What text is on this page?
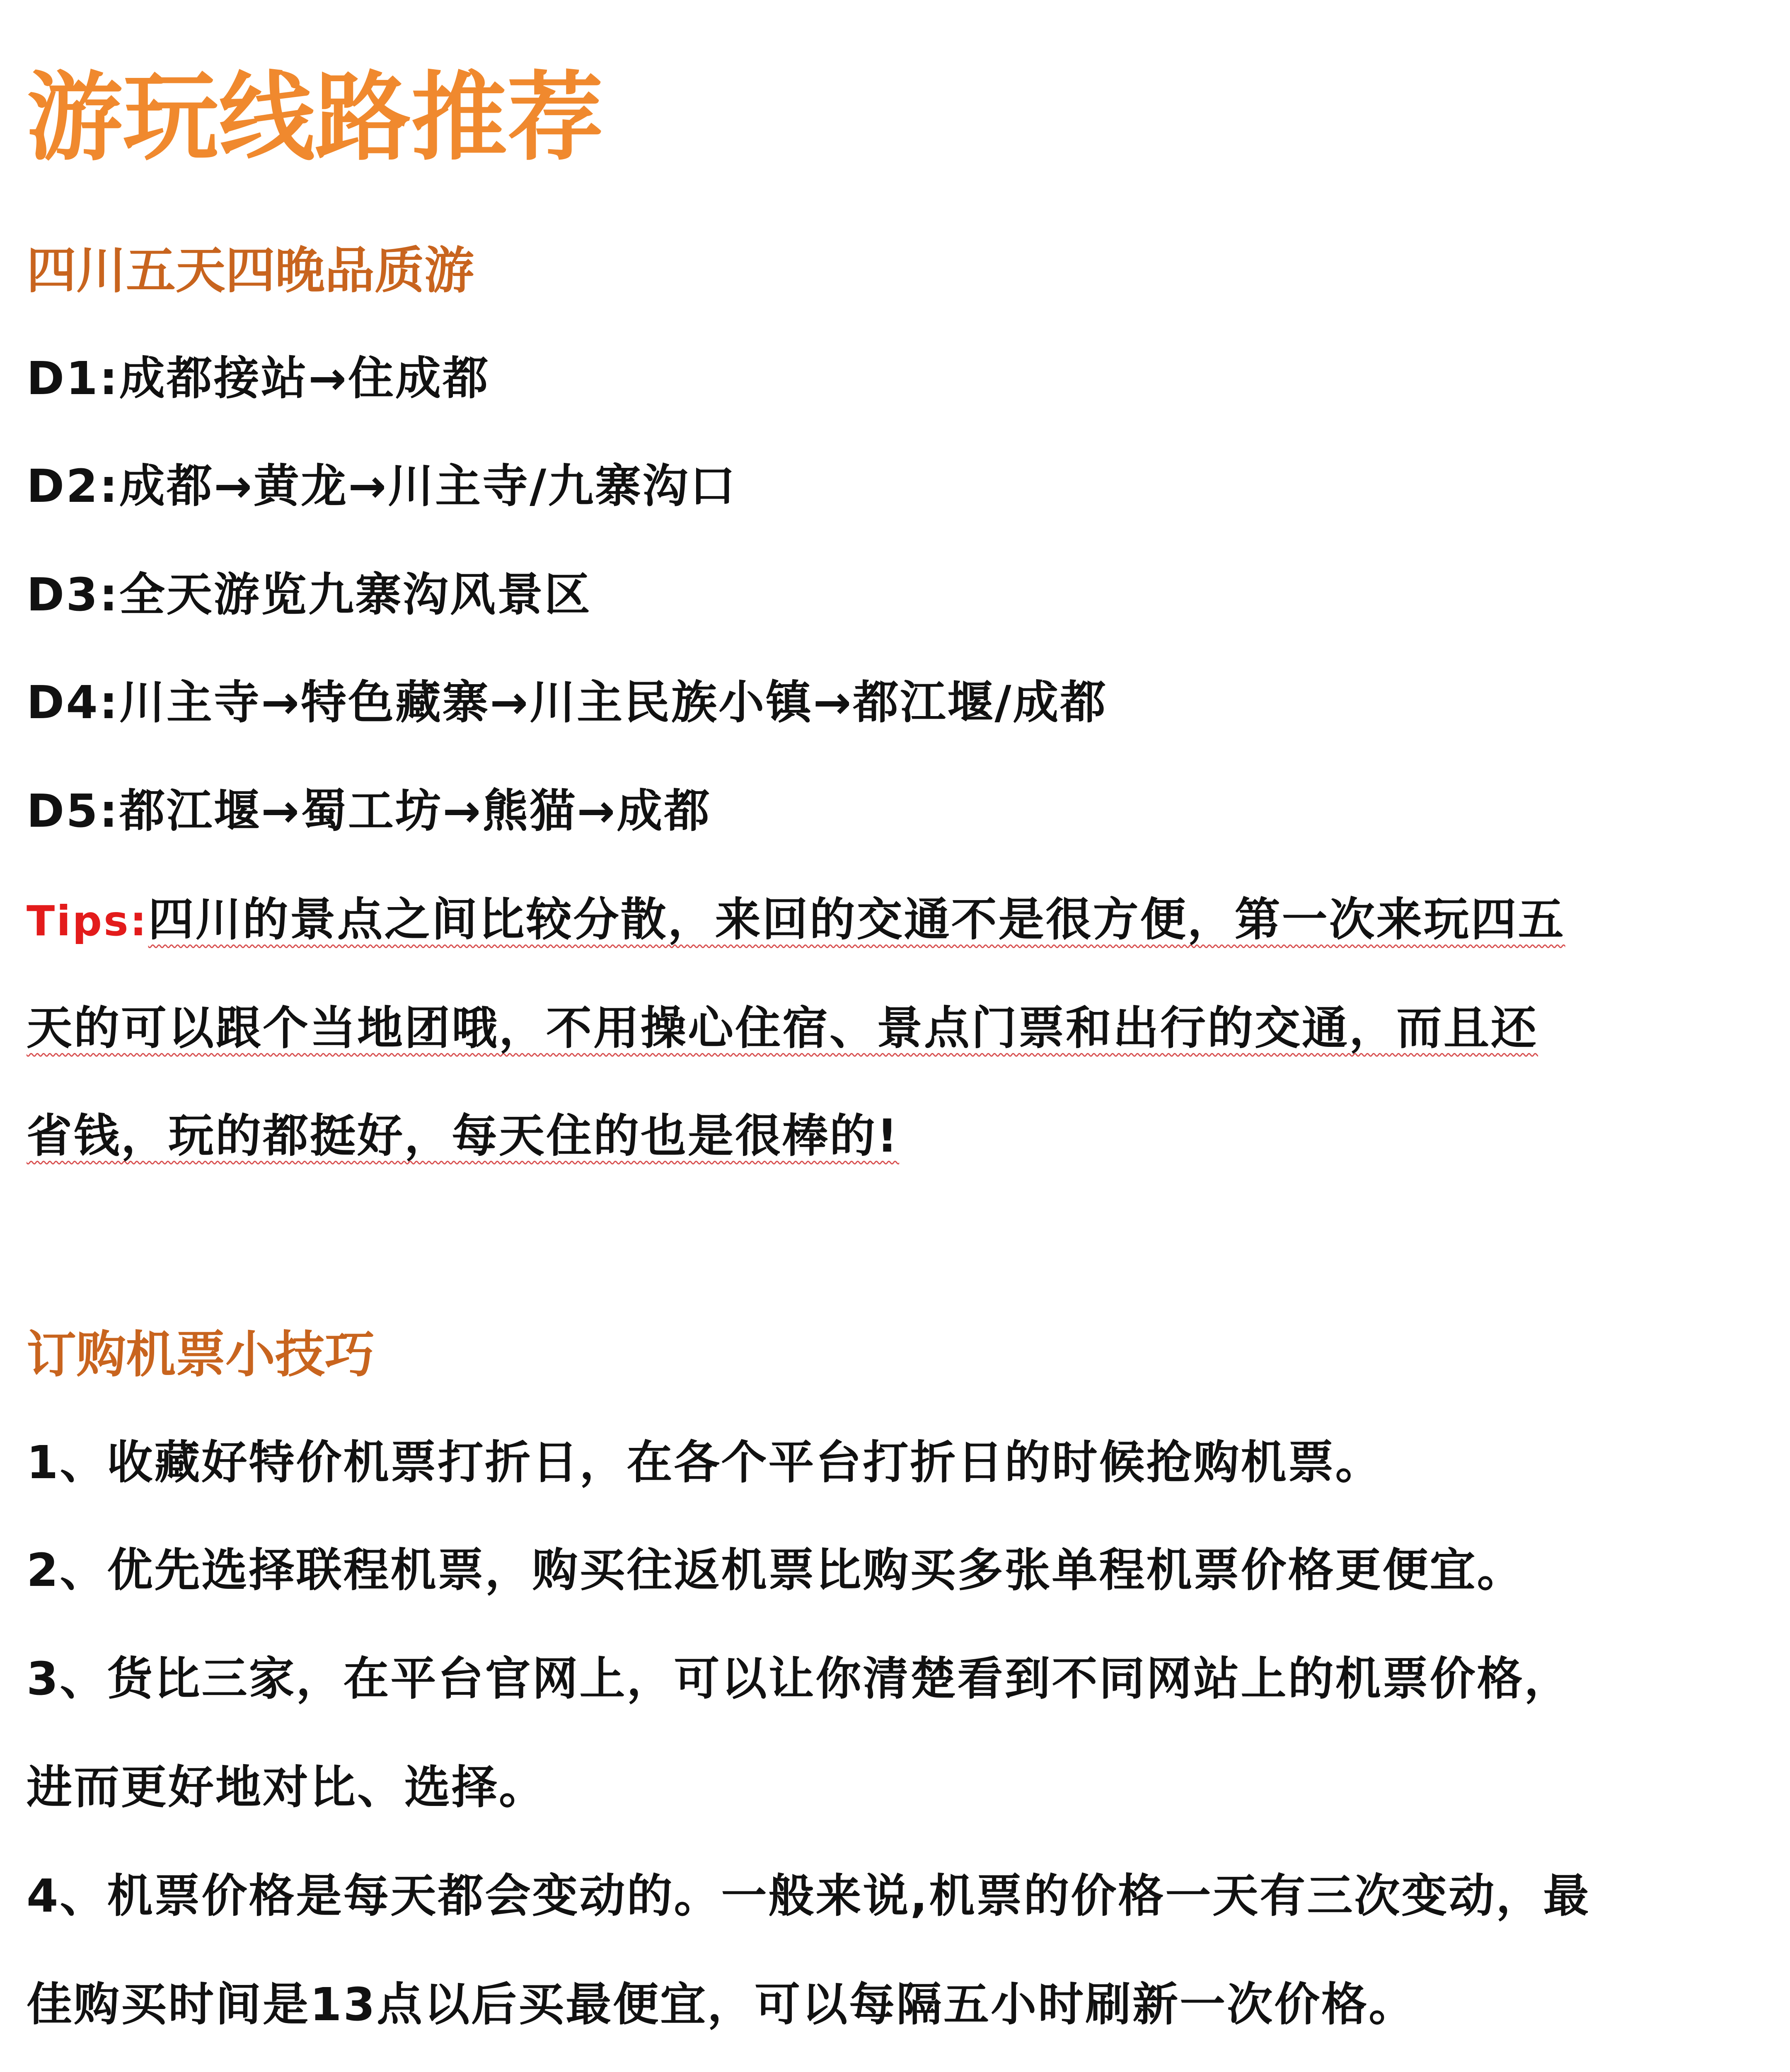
游玩线路推荐
四川五天四晚品质游
D1:成都接站→住成都
D2:成都→黄龙→川主寺/九寨沟口
D3:全天游览九寨沟风景区
D4:川主寺→特色藏寨→川主民族小镇→都江堰/成都
D5:都江堰→蜀工坊→熊猫→成都
Tips:四川的景点之间比较分散，来回的交通不是很方便，第一次来玩四五
天的可以跟个当地团哦，不用操心住宿、景点门票和出行的交通，而且还
省钱，玩的都挺好，每天住的也是很棒的!
订购机票小技巧
1、收藏好特价机票打折日，在各个平台打折日的时候抢购机票。
2、优先选择联程机票，购买往返机票比购买多张单程机票价格更便宜。
3、货比三家，在平台官网上，可以让你清楚看到不同网站上的机票价格，
进而更好地对比、选择。
4、机票价格是每天都会变动的。一般来说,机票的价格一天有三次变动，最
佳购买时间是13点以后买最便宜，可以每隔五小时刷新一次价格。
